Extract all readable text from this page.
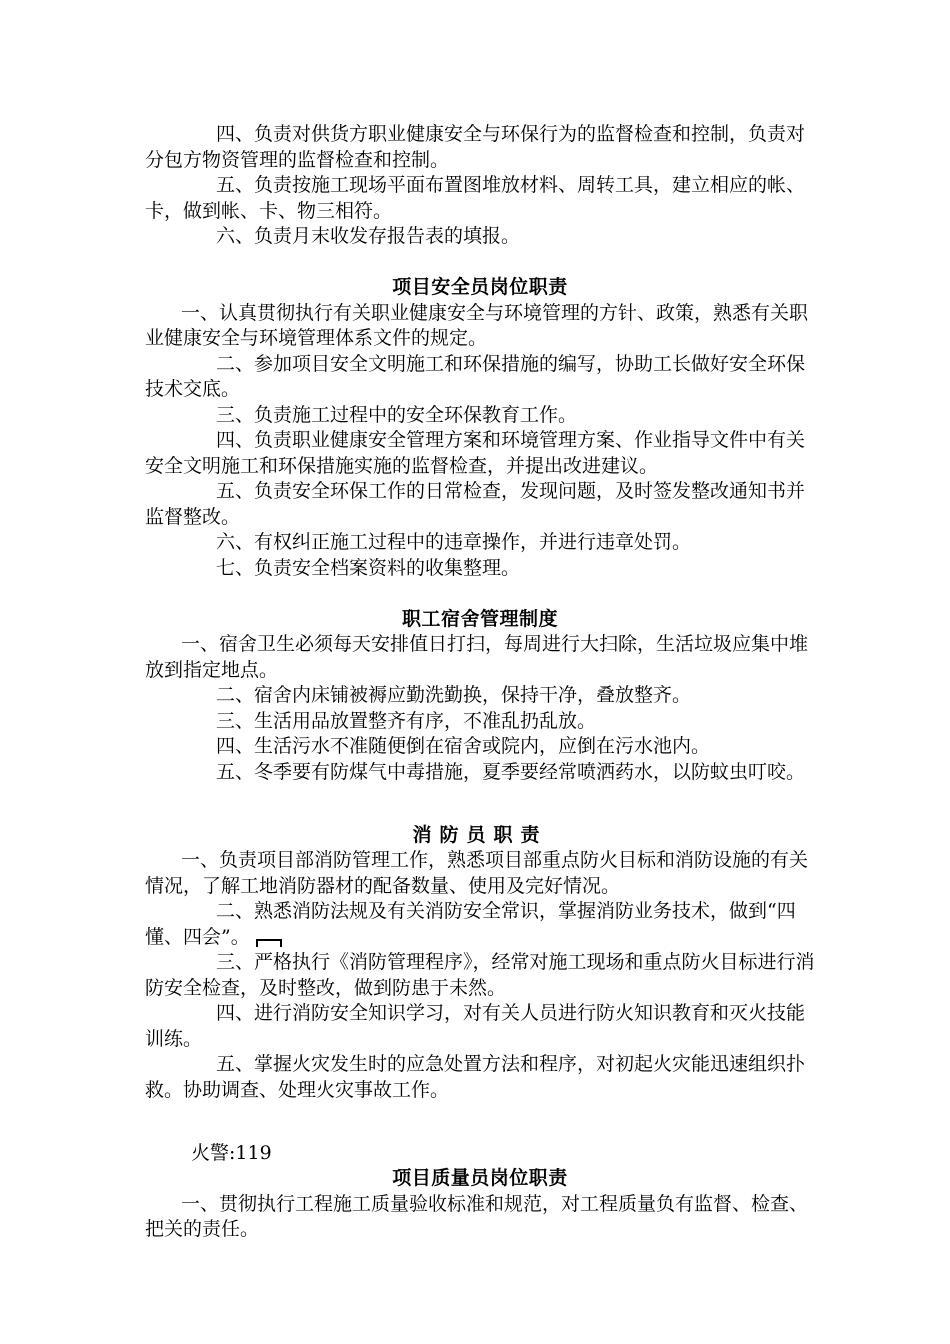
四、负责对供货方职业健康安全与环保行为的监督检查和控制，负责对分包方物资管理的监督检查和控制。

五、负责按施工现场平面布置图堆放材料、周转工具，建立相应的帐、卡，做到帐、卡、物三相符。

六、负责月末收发存报告表的填报。

项目安全员岗位职责

一、认真贯彻执行有关职业健康安全与环境管理的方针、政策，熟悉有关职业健康安全与环境管理体系文件的规定。

二、参加项目安全文明施工和环保措施的编写，协助工长做好安全环保技术交底。

三、负责施工过程中的安全环保教育工作。

四、负责职业健康安全管理方案和环境管理方案、作业指导文件中有关安全文明施工和环保措施实施的监督检查，并提出改进建议。

五、负责安全环保工作的日常检查，发现问题，及时签发整改通知书并监督整改。

六、有权纠正施工过程中的违章操作，并进行违章处罚。

七、负责安全档案资料的收集整理。

职工宿舍管理制度

一、宿舍卫生必须每天安排值日打扫，每周进行大扫除，生活垃圾应集中堆放到指定地点。

二、宿舍内床铺被褥应勤洗勤换，保持干净，叠放整齐。

三、生活用品放置整齐有序，不准乱扔乱放。

四、生活污水不准随便倒在宿舍或院内，应倒在污水池内。

五、冬季要有防煤气中毒措施，夏季要经常喷洒药水，以防蚊虫叮咬。

消防员职责

一、负责项目部消防管理工作，熟悉项目部重点防火目标和消防设施的有关情况，了解工地消防器材的配备数量、使用及完好情况。

二、熟悉消防法规及有关消防安全常识，掌握消防业务技术，做到“四懂、四会”。

三、严格执行《消防管理程序》，经常对施工现场和重点防火目标进行消防安全检查，及时整改，做到防患于未然。

四、进行消防安全知识学习，对有关人员进行防火知识教育和灭火技能训练。

五、掌握火灾发生时的应急处置方法和程序，对初起火灾能迅速组织扑救。协助调查、处理火灾事故工作。

火警:119

项目质量员岗位职责

一、贯彻执行工程施工质量验收标准和规范，对工程质量负有监督、检查、把关的责任。
